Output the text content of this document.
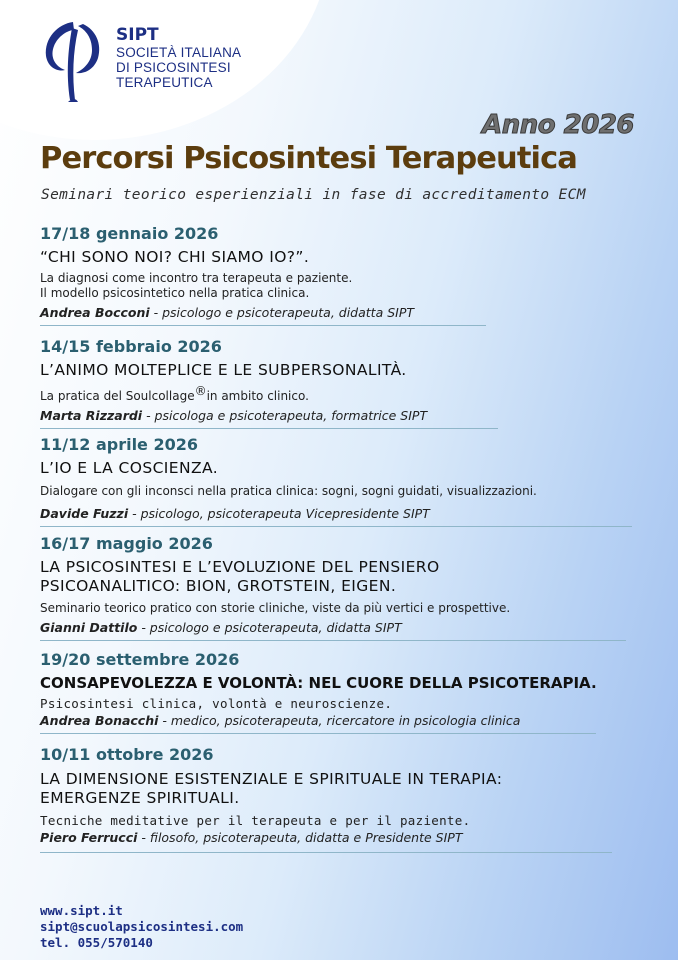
SIPT
SOCIETÀ ITALIANA
DI PSICOSINTESI
TERAPEUTICA
Anno 2026
Percorsi Psicosintesi Terapeutica
Seminari teorico esperienziali in fase di accreditamento ECM
17/18 gennaio 2026
“CHI SONO NOI? CHI SIAMO IO?”.
La diagnosi come incontro tra terapeuta e paziente.
Il modello psicosintetico nella pratica clinica.
Andrea Bocconi - psicologo e psicoterapeuta, didatta SIPT
14/15 febbraio 2026
L’ANIMO MOLTEPLICE E LE SUBPERSONALITÀ.
La pratica del Soulcollage®in ambito clinico.
Marta Rizzardi - psicologa e psicoterapeuta, formatrice SIPT
11/12 aprile 2026
L’IO E LA COSCIENZA.
Dialogare con gli inconsci nella pratica clinica: sogni, sogni guidati, visualizzazioni.
Davide Fuzzi - psicologo, psicoterapeuta Vicepresidente SIPT
16/17 maggio 2026
LA PSICOSINTESI E L’EVOLUZIONE DEL PENSIERO
PSICOANALITICO: BION, GROTSTEIN, EIGEN.
Seminario teorico pratico con storie cliniche, viste da più vertici e prospettive.
Gianni Dattilo - psicologo e psicoterapeuta, didatta SIPT
19/20 settembre 2026
CONSAPEVOLEZZA E VOLONTÀ: NEL CUORE DELLA PSICOTERAPIA.
Psicosintesi clinica, volontà e neuroscienze.
Andrea Bonacchi - medico, psicoterapeuta, ricercatore in psicologia clinica
10/11 ottobre 2026
LA DIMENSIONE ESISTENZIALE E SPIRITUALE IN TERAPIA:
EMERGENZE SPIRITUALI.
Tecniche meditative per il terapeuta e per il paziente.
Piero Ferrucci - filosofo, psicoterapeuta, didatta e Presidente SIPT
www.sipt.it
sipt@scuolapsicosintesi.com
tel. 055/570140
